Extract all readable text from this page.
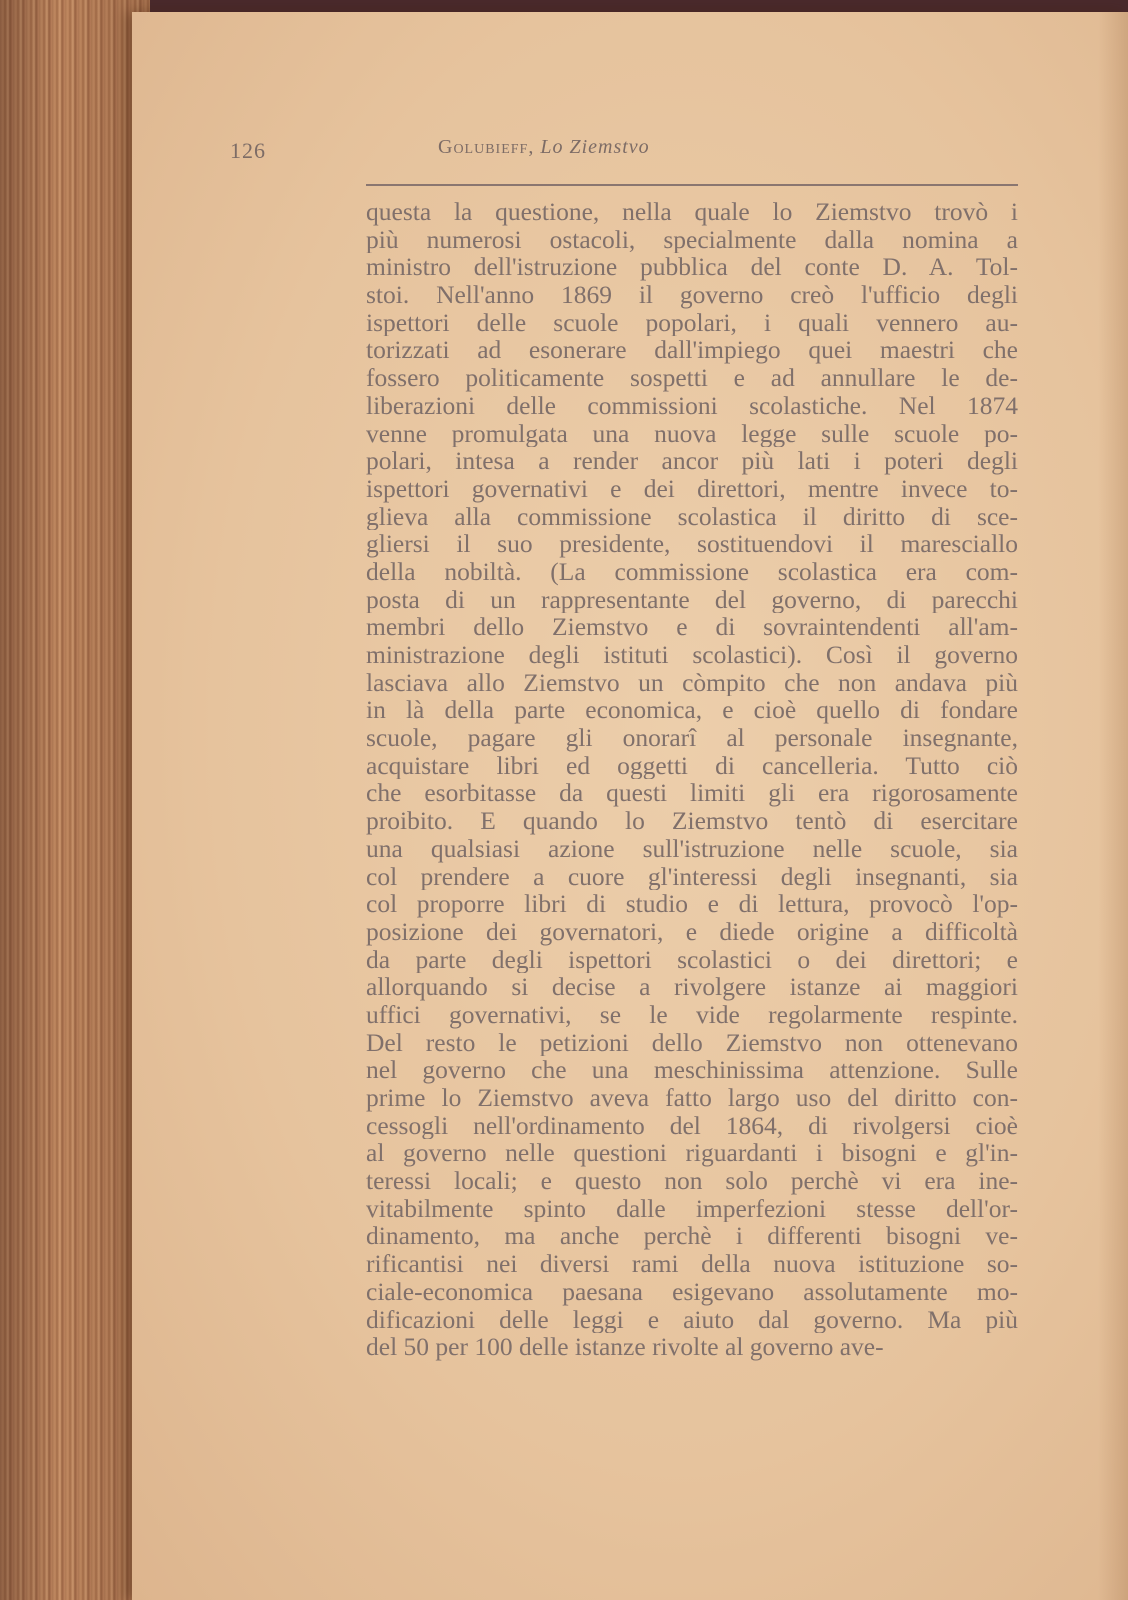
126	Golubieff, Lo Ziemstvo
questa la questione, nella quale lo Ziemstvo trovò i
più numerosi ostacoli, specialmente dalla nomina a
ministro dell'istruzione pubblica del conte D. A. Tol-
stoi. Nell'anno 1869 il governo creò l'ufficio degli
ispettori delle scuole popolari, i quali vennero au-
torizzati ad esonerare dall'impiego quei maestri che
fossero politicamente sospetti e ad annullare le de-
liberazioni delle commissioni scolastiche. Nel 1874
venne promulgata una nuova legge sulle scuole po-
polari, intesa a render ancor più lati i poteri degli
ispettori governativi e dei direttori, mentre invece to-
glieva alla commissione scolastica il diritto di sce-
gliersi il suo presidente, sostituendovi il maresciallo
della nobiltà. (La commissione scolastica era com-
posta di un rappresentante del governo, di parecchi
membri dello Ziemstvo e di sovraintendenti all'am-
ministrazione degli istituti scolastici). Così il governo
lasciava allo Ziemstvo un còmpito che non andava più
in là della parte economica, e cioè quello di fondare
scuole, pagare gli onorarî al personale insegnante,
acquistare libri ed oggetti di cancelleria. Tutto ciò
che esorbitasse da questi limiti gli era rigorosamente
proibito. E quando lo Ziemstvo tentò di esercitare
una qualsiasi azione sull'istruzione nelle scuole, sia
col prendere a cuore gl'interessi degli insegnanti, sia
col proporre libri di studio e di lettura, provocò l'op-
posizione dei governatori, e diede origine a difficoltà
da parte degli ispettori scolastici o dei direttori; e
allorquando si decise a rivolgere istanze ai maggiori
uffici governativi, se le vide regolarmente respinte.
Del resto le petizioni dello Ziemstvo non ottenevano
nel governo che una meschinissima attenzione. Sulle
prime lo Ziemstvo aveva fatto largo uso del diritto con-
cessogli nell'ordinamento del 1864, di rivolgersi cioè
al governo nelle questioni riguardanti i bisogni e gl'in-
teressi locali; e questo non solo perchè vi era ine-
vitabilmente spinto dalle imperfezioni stesse dell'or-
dinamento, ma anche perchè i differenti bisogni ve-
rificantisi nei diversi rami della nuova istituzione so-
ciale-economica paesana esigevano assolutamente mo-
dificazioni delle leggi e aiuto dal governo. Ma più
del 50 per 100 delle istanze rivolte al governo ave-
